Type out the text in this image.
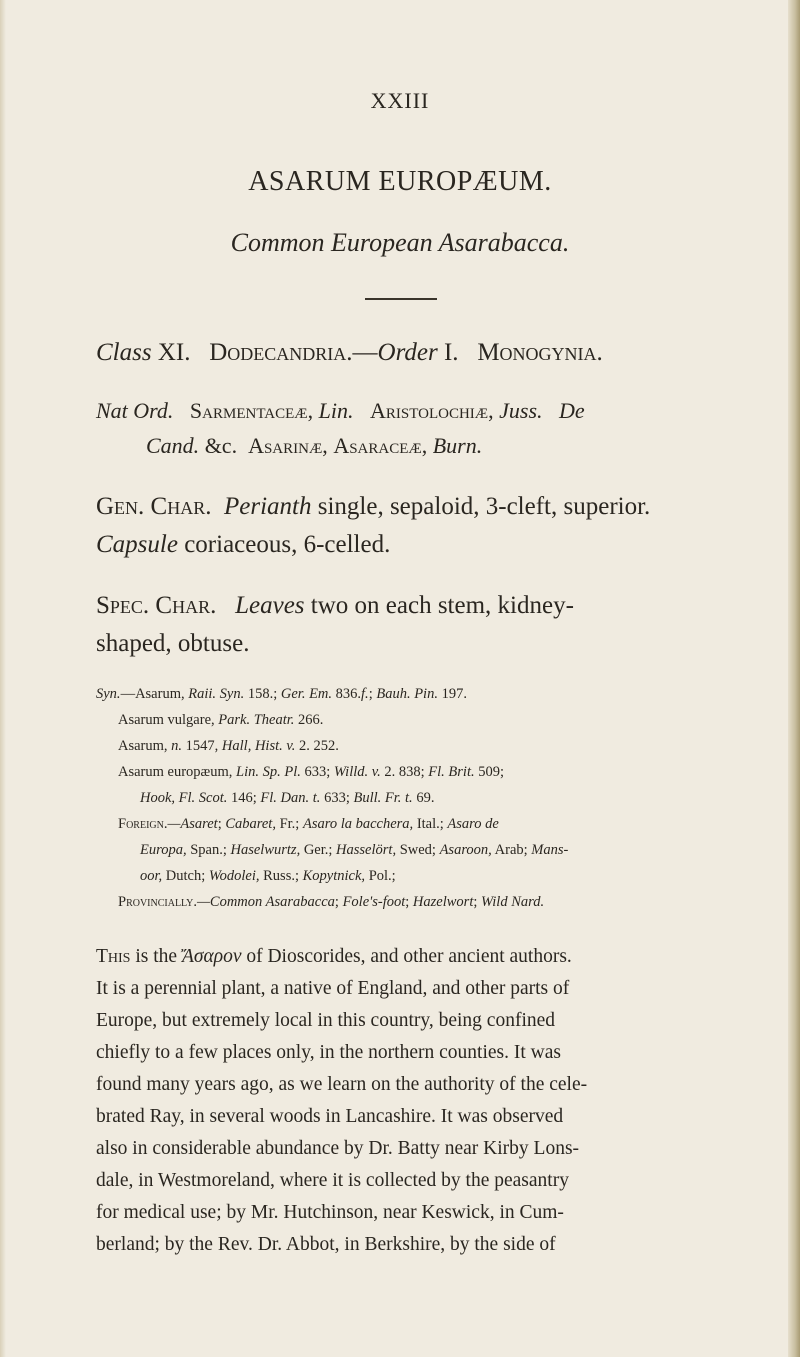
XXIII
ASARUM EUROPÆUM.
Common European Asarabacca.
Class XI. Dodecandria.—Order I. Monogynia.
Nat Ord. Sarmentaceæ, Lin. Aristolochiæ, Juss. De
Cand. &c. Asarinæ, Asaraceæ, Burn.
Gen. Char. Perianth single, sepaloid, 3-cleft, superior.
Capsule coriaceous, 6-celled.
Spec. Char. Leaves two on each stem, kidney-
shaped, obtuse.
Syn.—Asarum, Raii. Syn. 158.; Ger. Em. 836.f.; Bauh. Pin. 197.
Asarum vulgare, Park. Theatr. 266.
Asarum, n. 1547, Hall, Hist. v. 2. 252.
Asarum europæum, Lin. Sp. Pl. 633; Willd. v. 2. 838; Fl. Brit. 509;
Hook, Fl. Scot. 146; Fl. Dan. t. 633; Bull. Fr. t. 69.
Foreign.—Asaret; Cabaret, Fr.; Asaro la bacchera, Ital.; Asaro de
Europa, Span.; Haselwurtz, Ger.; Hasselört, Swed; Asaroon, Arab; Mans-
oor, Dutch; Wodolei, Russ.; Kopytnick, Pol.;
Provincially.—Common Asarabacca; Fole's-foot; Hazelwort; Wild Nard.
This is the Ἄσαρον of Dioscorides, and other ancient authors.
It is a perennial plant, a native of England, and other parts of
Europe, but extremely local in this country, being confined
chiefly to a few places only, in the northern counties. It was
found many years ago, as we learn on the authority of the cele-
brated Ray, in several woods in Lancashire. It was observed
also in considerable abundance by Dr. Batty near Kirby Lons-
dale, in Westmoreland, where it is collected by the peasantry
for medical use; by Mr. Hutchinson, near Keswick, in Cum-
berland; by the Rev. Dr. Abbot, in Berkshire, by the side of
